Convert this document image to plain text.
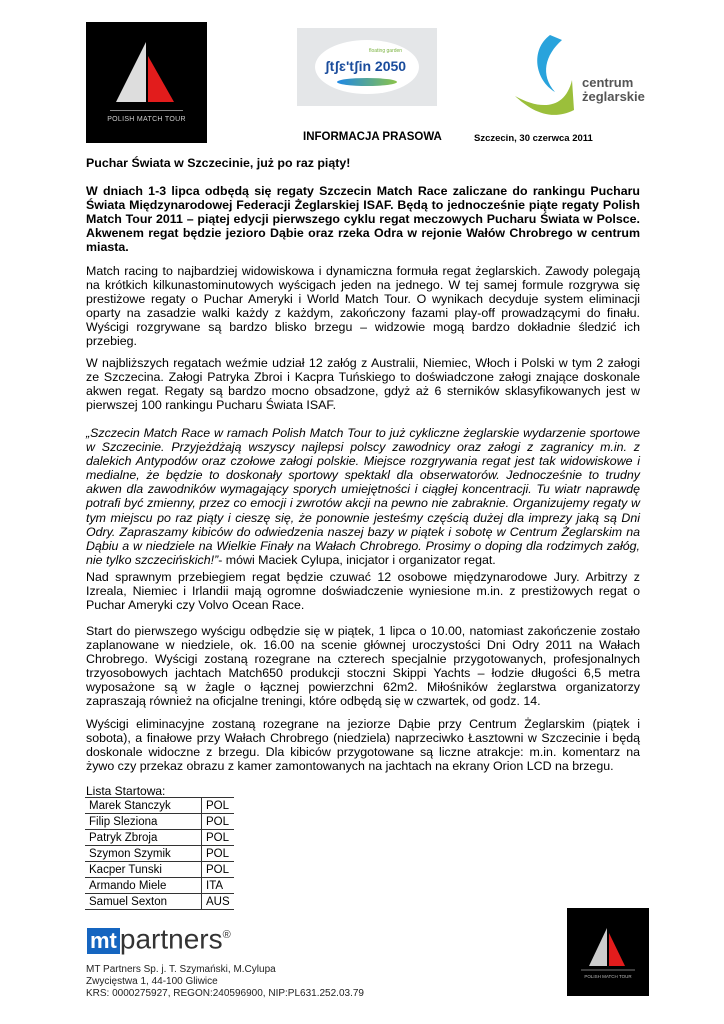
POLISH MATCH TOUR
floating garden
ʃtʃɛ'tʃin 2050
centrum
żeglarskie
INFORMACJA PRASOWA	Szczecin, 30 czerwca 2011
Puchar Świata w Szczecinie, już po raz piąty!
W dniach 1-3 lipca odbędą się regaty Szczecin Match Race zaliczane do rankingu Pucharu Świata Międzynarodowej Federacji Żeglarskiej ISAF. Będą to jednocześnie piąte regaty Polish Match Tour 2011 – piątej edycji pierwszego cyklu regat meczowych Pucharu Świata w Polsce. Akwenem regat będzie jezioro Dąbie oraz rzeka Odra w rejonie Wałów Chrobrego w centrum miasta.
Match racing to najbardziej widowiskowa i dynamiczna formuła regat żeglarskich. Zawody polegają na krótkich kilkunastominutowych wyścigach jeden na jednego. W tej samej formule rozgrywa się prestiżowe regaty o Puchar Ameryki i World Match Tour. O wynikach decyduje system eliminacji oparty na zasadzie walki każdy z każdym, zakończony fazami play-off prowadzącymi do finału. Wyścigi rozgrywane są bardzo blisko brzegu – widzowie mogą bardzo dokładnie śledzić ich przebieg.
W najbliższych regatach weźmie udział 12 załóg z Australii, Niemiec, Włoch i Polski w tym 2 załogi ze Szczecina. Załogi Patryka Zbroi i Kacpra Tuńskiego to doświadczone załogi znające doskonale akwen regat. Regaty są bardzo mocno obsadzone, gdyż aż 6 sterników sklasyfikowanych jest w pierwszej 100 rankingu Pucharu Świata ISAF.
„Szczecin Match Race w ramach Polish Match Tour to już cykliczne żeglarskie wydarzenie sportowe w Szczecinie. Przyjeżdżają wszyscy najlepsi polscy zawodnicy oraz załogi z zagranicy m.in. z dalekich Antypodów oraz czołowe załogi polskie. Miejsce rozgrywania regat jest tak widowiskowe i medialne, że będzie to doskonały sportowy spektakl dla obserwatorów. Jednocześnie to trudny akwen dla zawodników wymagający sporych umiejętności i ciągłej koncentracji. Tu wiatr naprawdę potrafi być zmienny, przez co emocji i zwrotów akcji na pewno nie zabraknie. Organizujemy regaty w tym miejscu po raz piąty i cieszę się, że ponownie jesteśmy częścią dużej dla imprezy jaką są Dni Odry. Zapraszamy kibiców do odwiedzenia naszej bazy w piątek i sobotę w Centrum Żeglarskim na Dąbiu a w niedziele na Wielkie Finały na Wałach Chrobrego. Prosimy o doping dla rodzimych załóg, nie tylko szczecińskich!”- mówi Maciek Cylupa, inicjator i organizator regat.
Nad sprawnym przebiegiem regat będzie czuwać 12 osobowe międzynarodowe Jury. Arbitrzy z Izreala, Niemiec i Irlandii mają ogromne doświadczenie wyniesione m.in. z prestiżowych regat o Puchar Ameryki czy Volvo Ocean Race.
Start do pierwszego wyścigu odbędzie się w piątek, 1 lipca o 10.00, natomiast zakończenie zostało zaplanowane w niedziele, ok. 16.00 na scenie głównej uroczystości Dni Odry 2011 na Wałach Chrobrego. Wyścigi zostaną rozegrane na czterech specjalnie przygotowanych, profesjonalnych trzyosobowych jachtach Match650 produkcji stoczni Skippi Yachts – łodzie długości 6,5 metra wyposażone są w żagle o łącznej powierzchni 62m2. Miłośników żeglarstwa organizatorzy zapraszają również na oficjalne treningi, które odbędą się w czwartek, od godz. 14.
Wyścigi eliminacyjne zostaną rozegrane na jeziorze Dąbie przy Centrum Żeglarskim (piątek i sobota), a finałowe przy Wałach Chrobrego (niedziela) naprzeciwko Łasztowni w Szczecinie i będą doskonale widoczne z brzegu. Dla kibiców przygotowane są liczne atrakcje: m.in. komentarz na żywo czy przekaz obrazu z kamer zamontowanych na jachtach na ekrany Orion LCD na brzegu.
Lista Startowa:
Marek Stanczyk	POL
Filip Sleziona	POL
Patryk Zbroja	POL
Szymon Szymik	POL
Kacper Tunski	POL
Armando Miele	ITA
Samuel Sexton	AUS
mt partners®
MT Partners Sp. j. T. Szymański, M.Cylupa
Zwycięstwa 1, 44-100 Gliwice
KRS: 0000275927, REGON:240596900, NIP:PL631.252.03.79
POLISH MATCH TOUR
